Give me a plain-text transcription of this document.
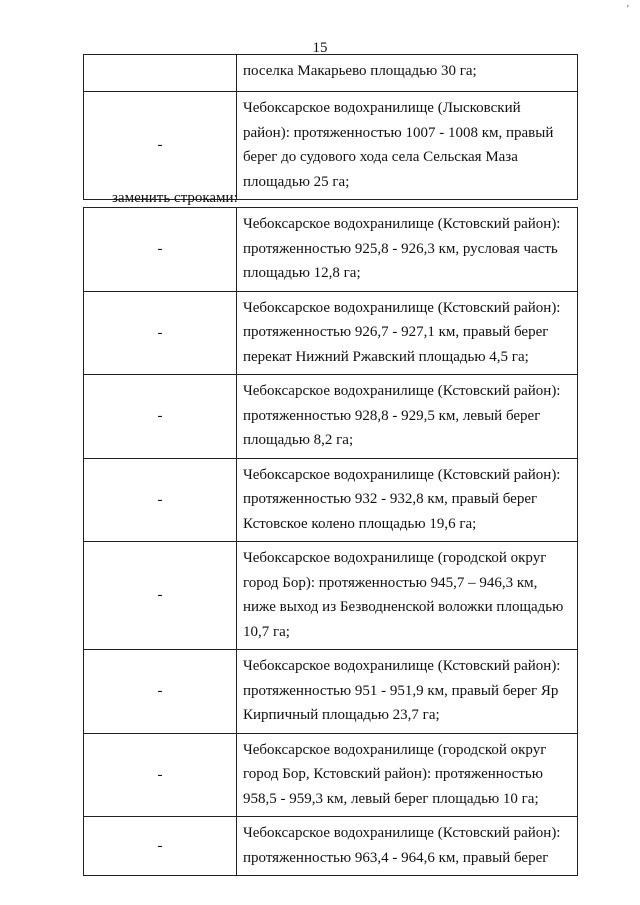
'
15
	поселка Макарьево площадью 30 га;
-	Чебоксарское водохранилище (Лысковский район): протяженностью 1007 - 1008 км, правый берег до судового хода села Сельская Маза площадью 25 га;
заменить строками:
-	Чебоксарское водохранилище (Кстовский район): протяженностью 925,8 - 926,3 км, русловая часть площадью 12,8 га;
-	Чебоксарское водохранилище (Кстовский район): протяженностью 926,7 - 927,1 км, правый берег перекат Нижний Ржавский площадью 4,5 га;
-	Чебоксарское водохранилище (Кстовский район): протяженностью 928,8 - 929,5 км, левый берег площадью 8,2 га;
-	Чебоксарское водохранилище (Кстовский район): протяженностью 932 - 932,8 км, правый берег Кстовское колено площадью 19,6 га;
-	Чебоксарское водохранилище (городской округ город Бор): протяженностью 945,7 – 946,3 км, ниже выход из Безводненской воложки площадью 10,7 га;
-	Чебоксарское водохранилище (Кстовский район): протяженностью 951 - 951,9 км, правый берег Яр Кирпичный площадью 23,7 га;
-	Чебоксарское водохранилище (городской округ город Бор, Кстовский район): протяженностью 958,5 - 959,3 км, левый берег площадью 10 га;
-	Чебоксарское водохранилище (Кстовский район): протяженностью 963,4 - 964,6 км, правый берег
